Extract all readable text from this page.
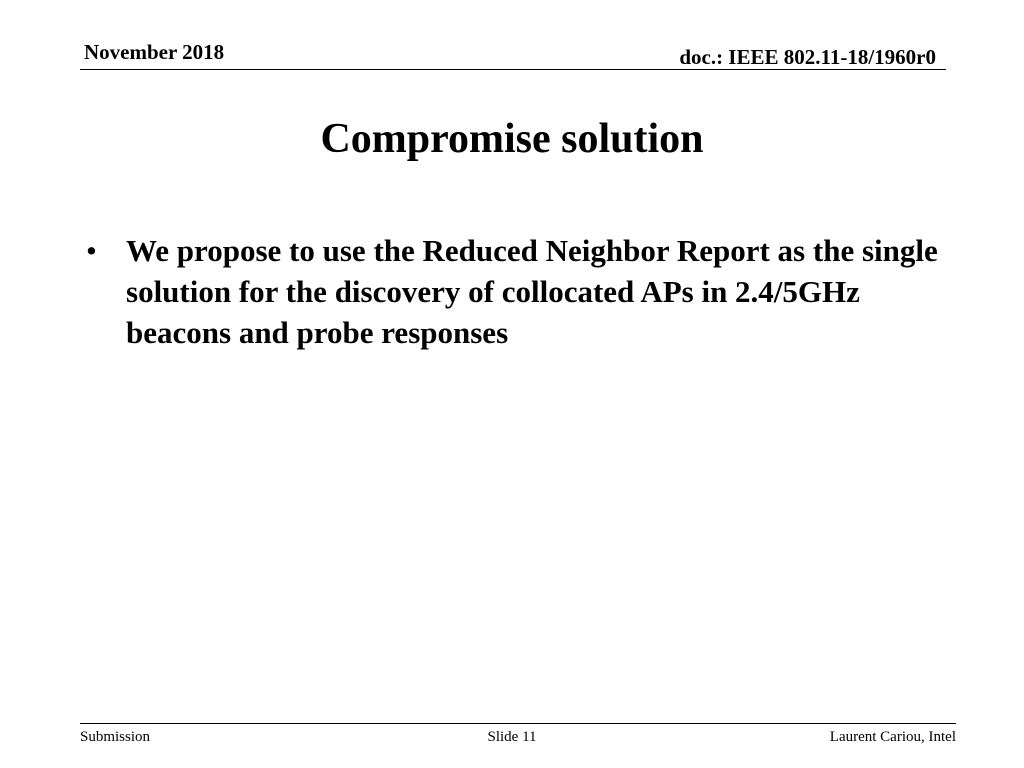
November 2018	doc.: IEEE 802.11-18/1960r0
Compromise solution
• We propose to use the Reduced Neighbor Report as the single solution for the discovery of collocated APs in 2.4/5GHz beacons and probe responses
Submission	Slide 11	Laurent Cariou, Intel
